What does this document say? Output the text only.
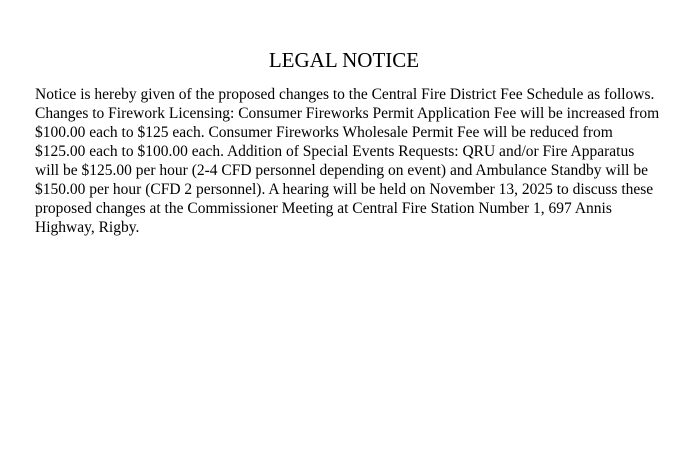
LEGAL NOTICE

Notice is hereby given of the proposed changes to the Central Fire District Fee Schedule as follows. Changes to Firework Licensing: Consumer Fireworks Permit Application Fee will be increased from $100.00 each to $125 each. Consumer Fireworks Wholesale Permit Fee will be reduced from $125.00 each to $100.00 each. Addition of Special Events Requests: QRU and/or Fire Apparatus will be $125.00 per hour (2-4 CFD personnel depending on event) and Ambulance Standby will be $150.00 per hour (CFD 2 personnel). A hearing will be held on November 13, 2025 to discuss these proposed changes at the Commissioner Meeting at Central Fire Station Number 1, 697 Annis Highway, Rigby.
